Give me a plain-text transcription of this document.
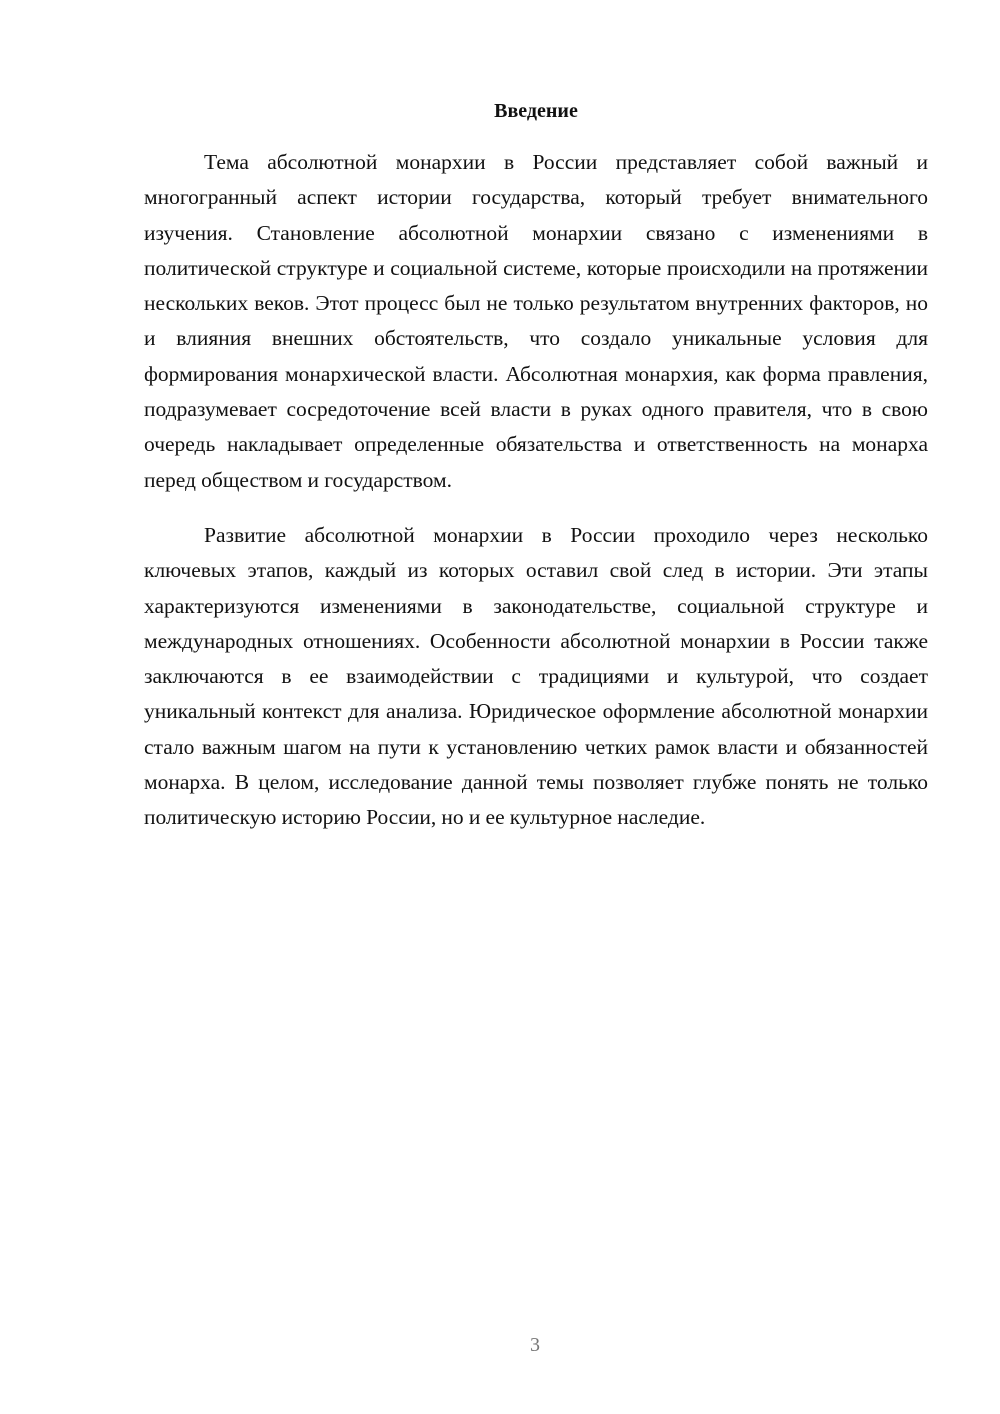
Введение

Тема абсолютной монархии в России представляет собой важный и многогранный аспект истории государства, который требует внимательного изучения. Становление абсолютной монархии связано с изменениями в политической структуре и социальной системе, которые происходили на протяжении нескольких веков. Этот процесс был не только результатом внутренних факторов, но и влияния внешних обстоятельств, что создало уникальные условия для формирования монархической власти. Абсолютная монархия, как форма правления, подразумевает сосредоточение всей власти в руках одного правителя, что в свою очередь накладывает определенные обязательства и ответственность на монарха перед обществом и государством.

Развитие абсолютной монархии в России проходило через несколько ключевых этапов, каждый из которых оставил свой след в истории. Эти этапы характеризуются изменениями в законодательстве, социальной структуре и международных отношениях. Особенности абсолютной монархии в России также заключаются в ее взаимодействии с традициями и культурой, что создает уникальный контекст для анализа. Юридическое оформление абсолютной монархии стало важным шагом на пути к установлению четких рамок власти и обязанностей монарха. В целом, исследование данной темы позволяет глубже понять не только политическую историю России, но и ее культурное наследие.

3
